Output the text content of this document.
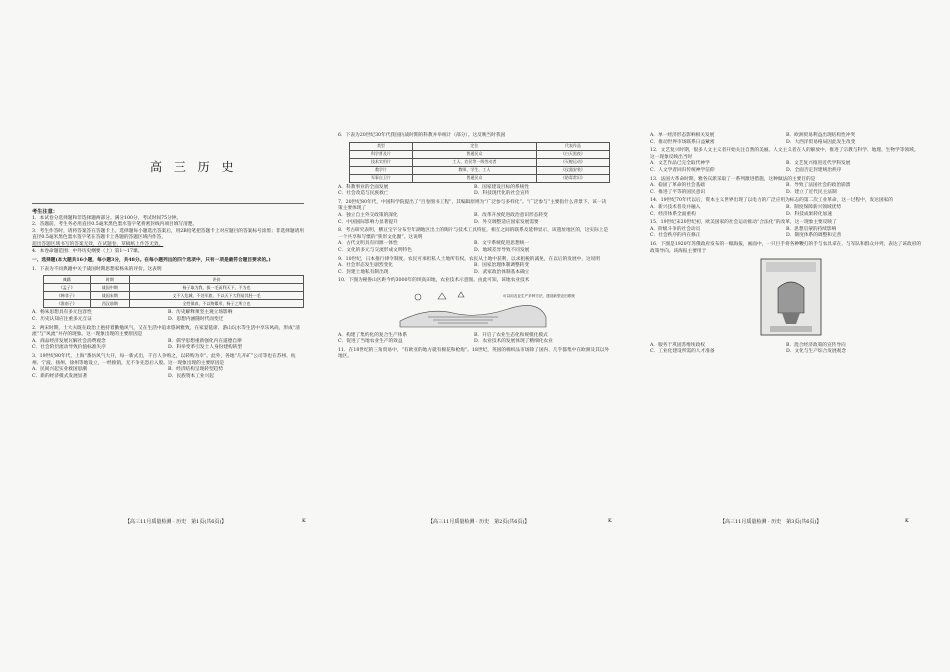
高 三 历 史
考生注意：
1．本试卷分选择题和非选择题两部分。满分100分，考试时间75分钟。
2．答题前，考生务必用直径0.5毫米黑色墨水签字笔将密封线内项目填写清楚。
3．考生作答时，请将答案答在答题卡上。选择题每小题选出答案后，用2B铅笔把答题卡上对应题目的答案标号涂黑；非选择题请用直径0.5毫米黑色墨水签字笔在答题卡上各题的答题区域内作答，
超出答题区域书写的答案无效，在试题卷、草稿纸上作答无效。
4．本卷命题范围：中外历史纲要（上）第1～17课。
一、选择题(本大题共16小题，每小题3分，共48分。在每小题列出的四个选项中，只有一项是最符合题目要求的。)
1．下表为不同典籍中关于战国时期思想家杨朱的评价。这表明
典籍	时期	评价
《孟子》	战国中期	杨子取为我，拔一毛而利天下，不为也
《韩非子》	战国末期	义不入危城，不处军旅，不以天下大利易其胫一毛
《淮南子》	西汉前期	全性保真，不以物累形，杨子之所立也
A．杨朱思想具有多元包容性	B．历史解释须坚主观立场影响
C．历史认知应注重多元互证	D．思想内涵随时代而变迁
2．两宋时期，士大夫既在政治上抱持着勤勉风气，又在生活中追求悠闲雅致，在家宴筵席、游山玩水等生活中享乐风尚，形成“清流”与“风流”并存的现象。这一现象出现的主要原因是
A．商品经济发展瓦解社会消费观念	B．儒学思想重新强化内在道德自律
C．社会阶层流动导致价值标准失序	D．科举变革引发士人身份建构转型
3．19世纪80年代，上海“番仿风气大开，每一新式出，千百人争购之，以转购为幸”。此外，各地“几开矿”公司等也在苏州、杭州、宁波、扬州、徐州等地设立，一经推销，无不争先恐后入股。这一现象出现的主要原因是
A．民间兴起实业救国思潮	B．经济结构呈现转型趋势
C．新的经济模式发展显著	D．民族资本工业兴起
6．下表为20世纪30年代我国抗战时期的科教并举统计（部分）。这反映当时我国
类型	定位	代表作品
科学普及片	普通民众	《白天黑夜》
技术实用片	工人、农民等一线劳动者	《灭蝗运动》
教学片	教师、学生、工人	《仪器安装》
军事自卫片	普通民众	《防毒常识》
A．科教事业的全面发展	B．国家建设目标的系统性
C．社会改造与民族救亡	D．科技现代化的社会宣传
7．20世纪80年代，中国科学院提出了“百卷图书工程”，其编辑原则为“广泛参与多样化”。“广泛参与”主要指什么背景下，该一决策主要体现了
A．独立自主外交政策的深化	B．改革开放促进政治意识形态转变
C．中国国际影响力显著提升	D．外交调整适应国家发展需要
8．考古研究表明，横亘宝字分布至年湖地区出土的陶片与技术工具特征，相互之间的联系及延伸显示，该遗址地区的，这实际上是一个共享和写惯的“狭形文化圈”。这说明
A．古代文明具有同源一体性	B．文字系统促进思想统一
C．文化的多元与交流形成文明特色	D．地域差异导致不同发展
9．10世纪，日本推行律令制度，农民可承担私人土地所有权。农民从土地中获利，以求租税的减免，在以后的发展中，这说明
A．社会形态发生剧烈变化	B．国家治理体制调整转变
C．封建土地私有制出现	D．武家政治体制基本确立
10．下图为秘鲁山区距今约3000年的坝高田地，农业技术示意图。由此可知，该地农业技术
可以用农业生产多种方法，建设新型农田系统
A．构建了集约化的复合生产体系	B．开启了农业生态化和规模化模式
C．促进了当地农业生产的效益	D．农业技术的发展体现了精细化农业
11．在18世纪的三角贸易中，“有欧亚的地方就有棉花和枪炮”。18世纪，英国的棉织品市场除了国内、几乎都集中在欧洲及其以外地区。
A．单一经济形态影响相关发展	B．欧洲贸易利益出现结构性冲突
C．推动世界市场联系日益紧密	D．大西洋贸易格局因此发生改变
12．文艺复兴时期，很多人文主义者开始关注自然的美丽。人文主义者在人的解放中，推进了宗教与科学、地理、生物学等领域。这一现象反映出当时
A．文艺作品已完全取代神学	B．文艺复兴推进近代学科发展
C．人文学者回归传统神学信仰	D．全面否定封建统治秩序
13．法国大革命时期，雅各宾派采取了一系列激进措施，这种做法的主要目的是
A．稳固了革命的社会基础	B．导致了法国社会的政治崩溃
C．推进了平等的国民意识	D．建立了近代民主法制
14．19世纪70年代以后，资本主义世界出现了以电力的广泛应用为标志的第二次工业革命，这一过程中，发达国家的
A．新兴技术普及并融入	B．制度保障新兴领域优势
C．经济体系全面重构	D．科技成果转化加速
15．19世纪末20世纪初，欧美国家的社会运动推动“合法化”的改革，这一现象主要反映了
A．阶级斗争的社会动员	B．思想启蒙的持续影响
C．社会秩序的内在修正	D．制度体系的调整和完善
16．下图是1920年苏俄政府发布的一幅海报，画面中，一只巨手将各种鞭打的手与农具拿在，与军队和群众并列，表达了该政府的政策导向。该海报主要用于
A．服务于巩固苏维埃政权	B．混合经济政策的宣传导向
C．工业化建设所需的人才准备	D．文化与生产综合发展观念
【高三11月质量检测 · 历史　第1页(共6页)】	【高三11月质量检测 · 历史　第2页(共6页)】	【高三11月质量检测 · 历史　第3页(共6页)】
K	K	K
